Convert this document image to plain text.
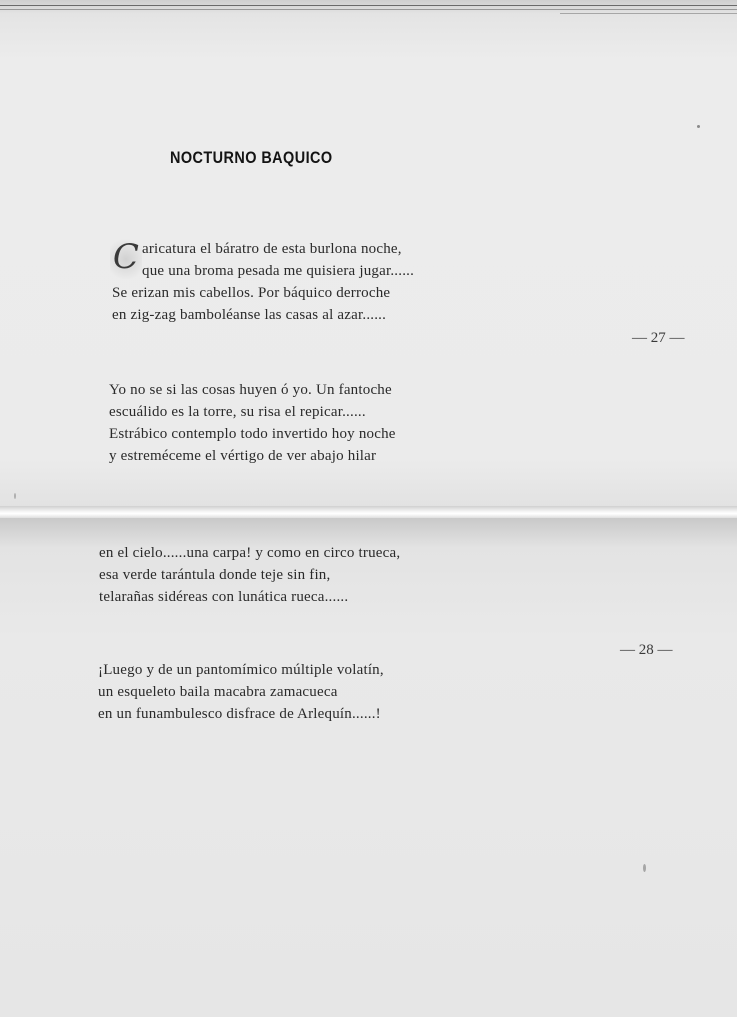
NOCTURNO BAQUICO
C aricatura el báratro de esta burlona noche,
que una broma pesada me quisiera jugar......
Se erizan mis cabellos. Por báquico derroche
en zig-zag bamboléanse las casas al azar......
— 27 —
Yo no se si las cosas huyen ó yo. Un fantoche
escuálido es la torre, su risa el repicar......
Estrábico contemplo todo invertido hoy noche
y estreméceme el vértigo de ver abajo hilar
en el cielo......una carpa! y como en circo trueca,
esa verde tarántula donde teje sin fin,
telarañas sidéreas con lunática rueca......
— 28 —
¡Luego y de un pantomímico múltiple volatín,
un esqueleto baila macabra zamacueca
en un funambulesco disfrace de Arlequín......!
